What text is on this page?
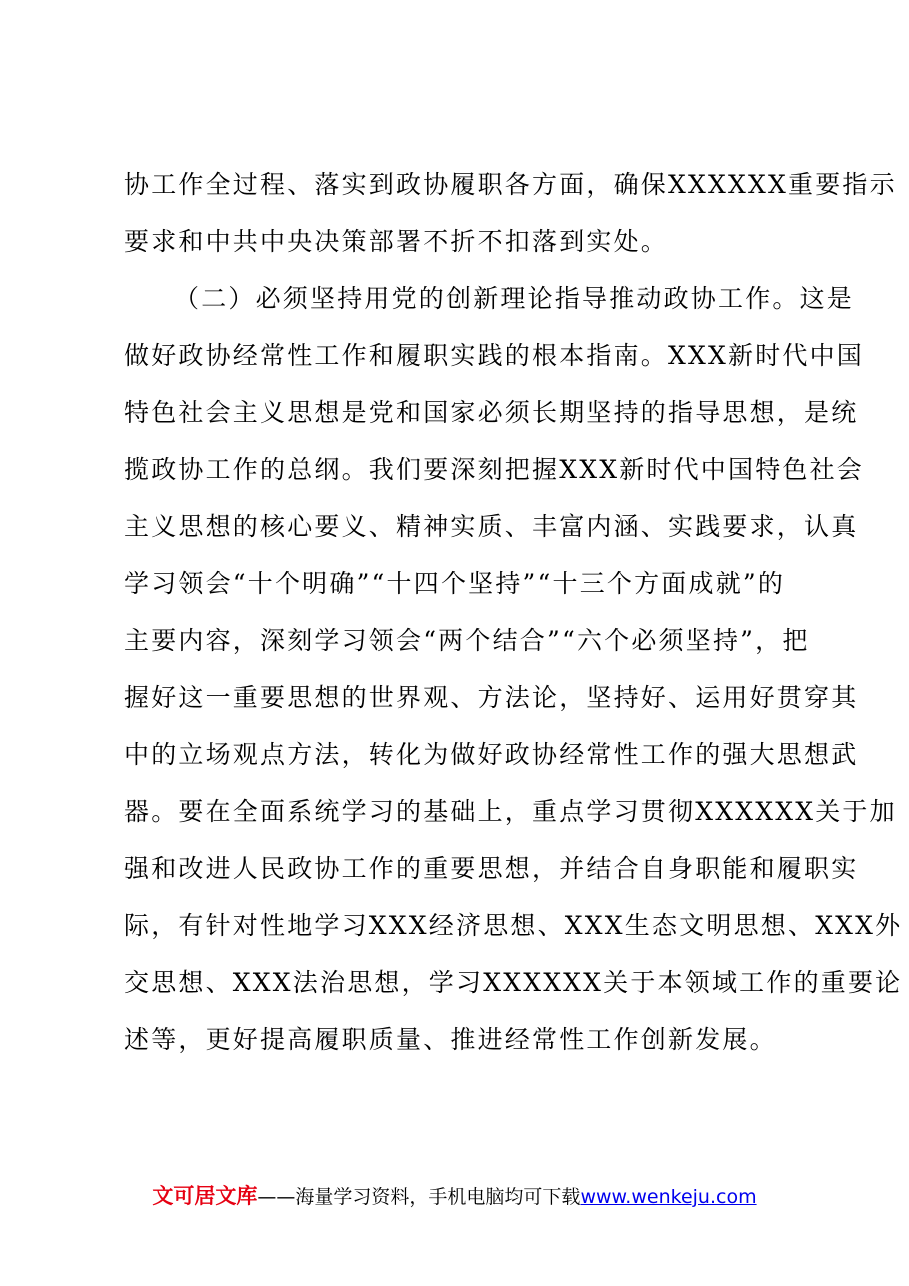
协工作全过程、落实到政协履职各方面，确保XXXXXX重要指示
要求和中共中央决策部署不折不扣落到实处。
（二）必须坚持用党的创新理论指导推动政协工作。这是
做好政协经常性工作和履职实践的根本指南。XXX新时代中国
特色社会主义思想是党和国家必须长期坚持的指导思想，是统
揽政协工作的总纲。我们要深刻把握XXX新时代中国特色社会
主义思想的核心要义、精神实质、丰富内涵、实践要求，认真
学习领会“十个明确”“十四个坚持”“十三个方面成就”的
主要内容，深刻学习领会“两个结合”“六个必须坚持”，把
握好这一重要思想的世界观、方法论，坚持好、运用好贯穿其
中的立场观点方法，转化为做好政协经常性工作的强大思想武
器。要在全面系统学习的基础上，重点学习贯彻XXXXXX关于加
强和改进人民政协工作的重要思想，并结合自身职能和履职实
际，有针对性地学习XXX经济思想、XXX生态文明思想、XXX外
交思想、XXX法治思想，学习XXXXXX关于本领域工作的重要论
述等，更好提高履职质量、推进经常性工作创新发展。
文可居文库——海量学习资料，手机电脑均可下载www.wenkeju.com
